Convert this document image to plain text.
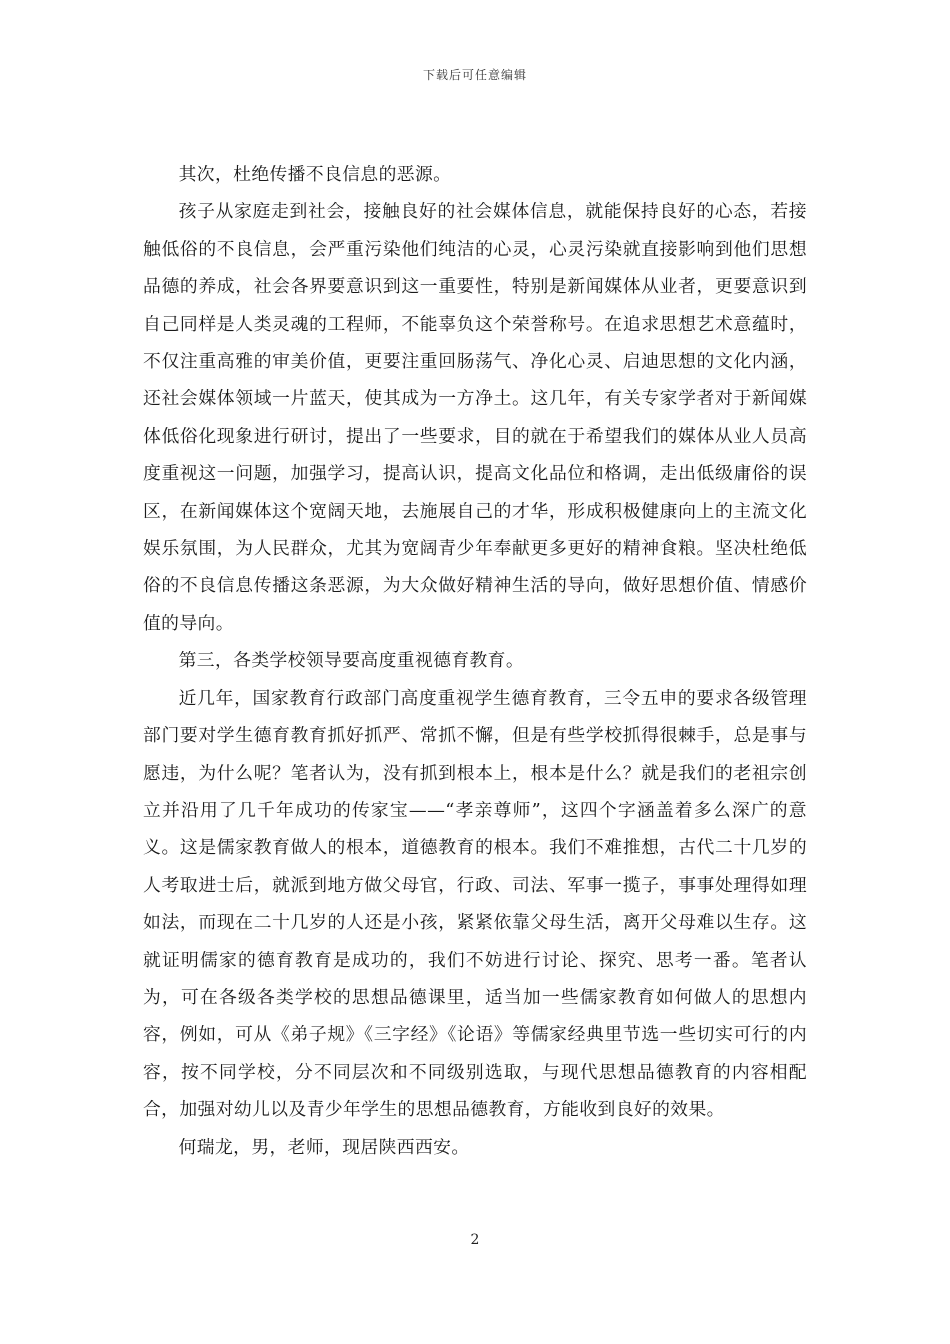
下载后可任意编辑

其次，杜绝传播不良信息的恶源。

孩子从家庭走到社会，接触良好的社会媒体信息，就能保持良好的心态，若接触低俗的不良信息，会严重污染他们纯洁的心灵，心灵污染就直接影响到他们思想品德的养成，社会各界要意识到这一重要性，特别是新闻媒体从业者，更要意识到自己同样是人类灵魂的工程师，不能辜负这个荣誉称号。在追求思想艺术意蕴时，不仅注重高雅的审美价值，更要注重回肠荡气、净化心灵、启迪思想的文化内涵，还社会媒体领域一片蓝天，使其成为一方净土。这几年，有关专家学者对于新闻媒体低俗化现象进行研讨，提出了一些要求，目的就在于希望我们的媒体从业人员高度重视这一问题，加强学习，提高认识，提高文化品位和格调，走出低级庸俗的误区，在新闻媒体这个宽阔天地，去施展自己的才华，形成积极健康向上的主流文化娱乐氛围，为人民群众，尤其为宽阔青少年奉献更多更好的精神食粮。坚决杜绝低俗的不良信息传播这条恶源，为大众做好精神生活的导向，做好思想价值、情感价值的导向。

第三，各类学校领导要高度重视德育教育。

近几年，国家教育行政部门高度重视学生德育教育，三令五申的要求各级管理部门要对学生德育教育抓好抓严、常抓不懈，但是有些学校抓得很棘手，总是事与愿违，为什么呢？笔者认为，没有抓到根本上，根本是什么？就是我们的老祖宗创立并沿用了几千年成功的传家宝——“孝亲尊师”，这四个字涵盖着多么深广的意义。这是儒家教育做人的根本，道德教育的根本。我们不难推想，古代二十几岁的人考取进士后，就派到地方做父母官，行政、司法、军事一揽子，事事处理得如理如法，而现在二十几岁的人还是小孩，紧紧依靠父母生活，离开父母难以生存。这就证明儒家的德育教育是成功的，我们不妨进行讨论、探究、思考一番。笔者认为，可在各级各类学校的思想品德课里，适当加一些儒家教育如何做人的思想内容，例如，可从《弟子规》《三字经》《论语》等儒家经典里节选一些切实可行的内容，按不同学校，分不同层次和不同级别选取，与现代思想品德教育的内容相配合，加强对幼儿以及青少年学生的思想品德教育，方能收到良好的效果。

何瑞龙，男，老师，现居陕西西安。

2
